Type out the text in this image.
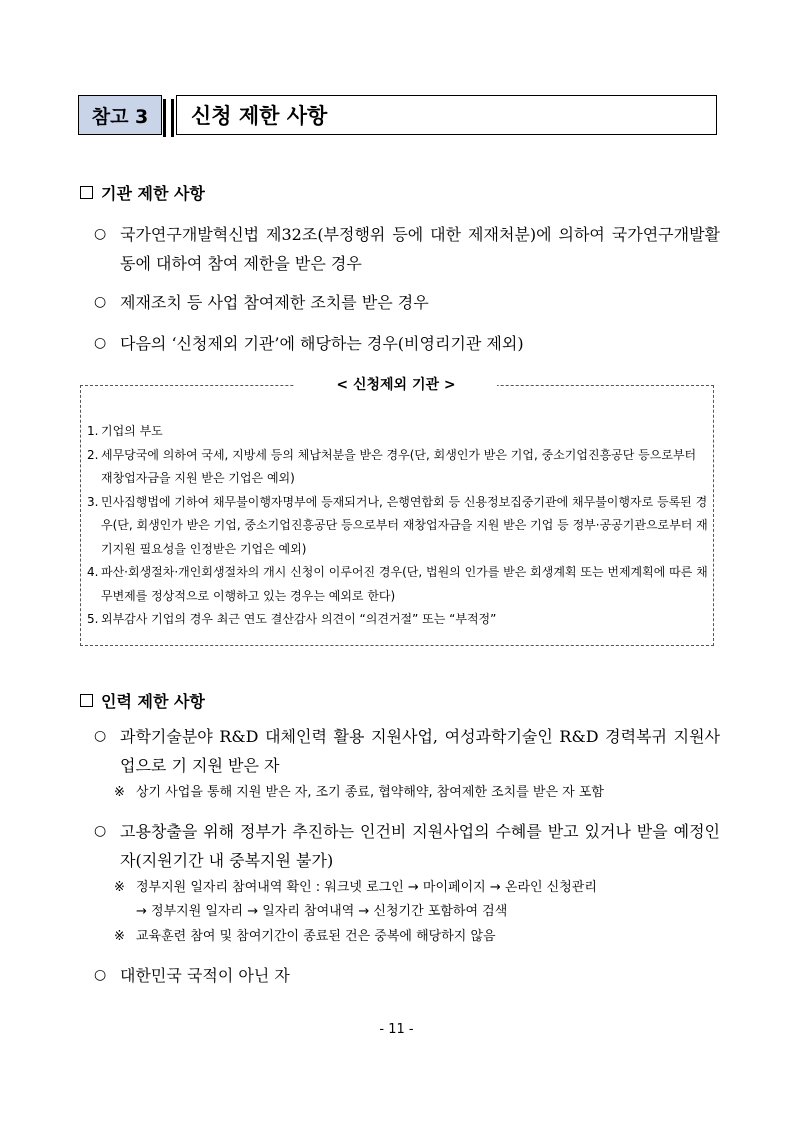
참고 3	신청 제한 사항
기관 제한 사항
○ 국가연구개발혁신법 제32조(부정행위 등에 대한 제재처분)에 의하여 국가연구개발활동에 대하여 참여 제한을 받은 경우
○ 제재조치 등 사업 참여제한 조치를 받은 경우
○ 다음의 ‘신청제외 기관’에 해당하는 경우(비영리기관 제외)
< 신청제외 기관 >
1. 기업의 부도
2. 세무당국에 의하여 국세, 지방세 등의 체납처분을 받은 경우(단, 회생인가 받은 기업, 중소기업진흥공단 등으로부터 재창업자금을 지원 받은 기업은 예외)
3. 민사집행법에 기하여 채무불이행자명부에 등재되거나, 은행연합회 등 신용정보집중기관에 채무불이행자로 등록된 경우(단, 회생인가 받은 기업, 중소기업진흥공단 등으로부터 재창업자금을 지원 받은 기업 등 정부·공공기관으로부터 재기지원 필요성을 인정받은 기업은 예외)
4. 파산·회생절차·개인회생절차의 개시 신청이 이루어진 경우(단, 법원의 인가를 받은 회생계획 또는 번제계획에 따른 채무변제를 정상적으로 이행하고 있는 경우는 예외로 한다)
5. 외부감사 기업의 경우 최근 연도 결산감사 의견이 “의견거절” 또는 “부적정”
인력 제한 사항
○ 과학기술분야 R&D 대체인력 활용 지원사업, 여성과학기술인 R&D 경력복귀 지원사업으로 기 지원 받은 자
※ 상기 사업을 통해 지원 받은 자, 조기 종료, 협약해약, 참여제한 조치를 받은 자 포함
○ 고용창출을 위해 정부가 추진하는 인건비 지원사업의 수혜를 받고 있거나 받을 예정인 자(지원기간 내 중복지원 불가)
※ 정부지원 일자리 참여내역 확인 : 워크넷 로그인 → 마이페이지 → 온라인 신청관리
→ 정부지원 일자리 → 일자리 참여내역 → 신청기간 포함하여 검색
※ 교육훈련 참여 및 참여기간이 종료된 건은 중복에 해당하지 않음
○ 대한민국 국적이 아닌 자
- 11 -
